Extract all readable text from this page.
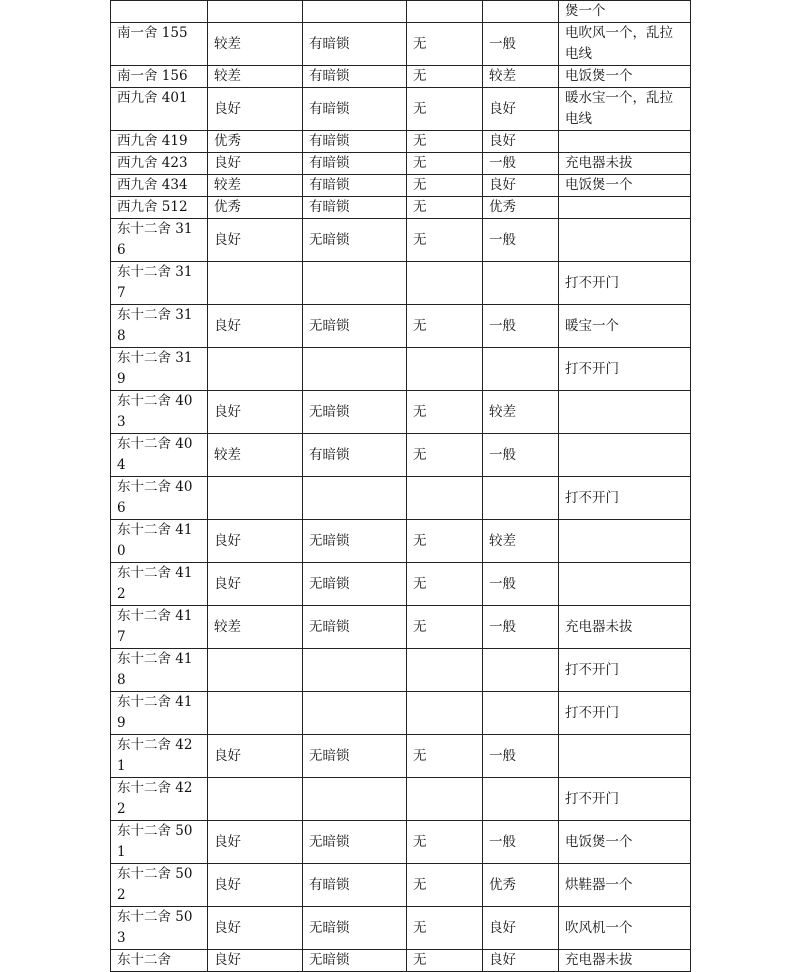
					煲一个
南一舍 155	较差	有暗锁	无	一般	电吹风一个，乱拉电线
南一舍 156	较差	有暗锁	无	较差	电饭煲一个
西九舍 401	良好	有暗锁	无	良好	暖水宝一个，乱拉电线
西九舍 419	优秀	有暗锁	无	良好	
西九舍 423	良好	有暗锁	无	一般	充电器未拔
西九舍 434	较差	有暗锁	无	良好	电饭煲一个
西九舍 512	优秀	有暗锁	无	优秀	
东十二舍 316	良好	无暗锁	无	一般	
东十二舍 317					打不开门
东十二舍 318	良好	无暗锁	无	一般	暖宝一个
东十二舍 319					打不开门
东十二舍 403	良好	无暗锁	无	较差	
东十二舍 404	较差	有暗锁	无	一般	
东十二舍 406					打不开门
东十二舍 410	良好	无暗锁	无	较差	
东十二舍 412	良好	无暗锁	无	一般	
东十二舍 417	较差	无暗锁	无	一般	充电器未拔
东十二舍 418					打不开门
东十二舍 419					打不开门
东十二舍 421	良好	无暗锁	无	一般	
东十二舍 422					打不开门
东十二舍 501	良好	无暗锁	无	一般	电饭煲一个
东十二舍 502	良好	有暗锁	无	优秀	烘鞋器一个
东十二舍 503	良好	无暗锁	无	良好	吹风机一个
东十二舍	良好	无暗锁	无	良好	充电器未拔
